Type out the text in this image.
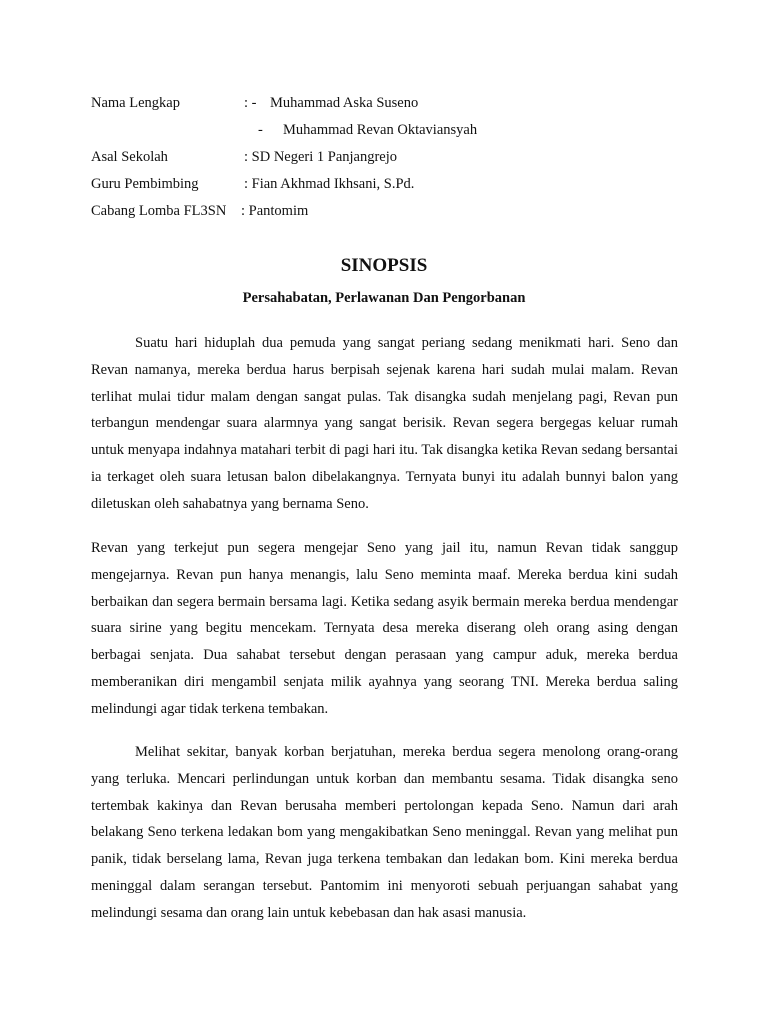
Nama Lengkap	: - Muhammad Aska Suseno
- Muhammad Revan Oktaviansyah
Asal Sekolah	: SD Negeri 1 Panjangrejo
Guru Pembimbing	: Fian Akhmad Ikhsani, S.Pd.
Cabang Lomba FL3SN : Pantomim
SINOPSIS
Persahabatan, Perlawanan Dan Pengorbanan

Suatu hari hiduplah dua pemuda yang sangat periang sedang menikmati hari. Seno dan Revan namanya, mereka berdua harus berpisah sejenak karena hari sudah mulai malam. Revan terlihat mulai tidur malam dengan sangat pulas. Tak disangka sudah menjelang pagi, Revan pun terbangun mendengar suara alarmnya yang sangat berisik. Revan segera bergegas keluar rumah untuk menyapa indahnya matahari terbit di pagi hari itu. Tak disangka ketika Revan sedang bersantai ia terkaget oleh suara letusan balon dibelakangnya. Ternyata bunyi itu adalah bunnyi balon yang diletuskan oleh sahabatnya yang bernama Seno.

Revan yang terkejut pun segera mengejar Seno yang jail itu, namun Revan tidak sanggup mengejarnya. Revan pun hanya menangis, lalu Seno meminta maaf. Mereka berdua kini sudah berbaikan dan segera bermain bersama lagi. Ketika sedang asyik bermain mereka berdua mendengar suara sirine yang begitu mencekam. Ternyata desa mereka diserang oleh orang asing dengan berbagai senjata. Dua sahabat tersebut dengan perasaan yang campur aduk, mereka berdua memberanikan diri mengambil senjata milik ayahnya yang seorang TNI. Mereka berdua saling melindungi agar tidak terkena tembakan.

Melihat sekitar, banyak korban berjatuhan, mereka berdua segera menolong orang-orang yang terluka. Mencari perlindungan untuk korban dan membantu sesama. Tidak disangka seno tertembak kakinya dan Revan berusaha memberi pertolongan kepada Seno. Namun dari arah belakang Seno terkena ledakan bom yang mengakibatkan Seno meninggal. Revan yang melihat pun panik, tidak berselang lama, Revan juga terkena tembakan dan ledakan bom. Kini mereka berdua meninggal dalam serangan tersebut. Pantomim ini menyoroti sebuah perjuangan sahabat yang melindungi sesama dan orang lain untuk kebebasan dan hak asasi manusia.
